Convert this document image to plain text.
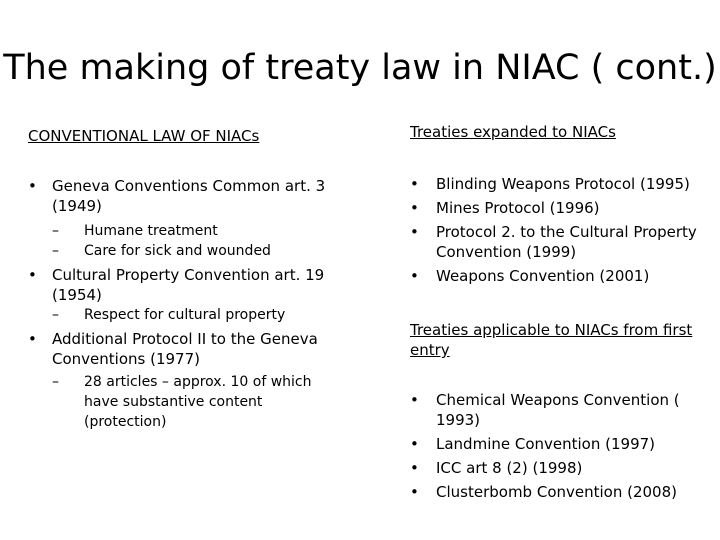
The making of treaty law in NIAC ( cont.)

CONVENTIONAL LAW OF NIACs

• Geneva Conventions Common art. 3 (1949)
– Humane treatment
– Care for sick and wounded
• Cultural Property Convention art. 19 (1954)
– Respect for cultural property
• Additional Protocol II to the Geneva Conventions (1977)
– 28 articles – approx. 10 of which have substantive content (protection)

Treaties expanded to NIACs

• Blinding Weapons Protocol (1995)
• Mines Protocol (1996)
• Protocol 2. to the Cultural Property Convention (1999)
• Weapons Convention (2001)

Treaties applicable to NIACs from first entry

• Chemical Weapons Convention ( 1993)
• Landmine Convention (1997)
• ICC art 8 (2) (1998)
• Clusterbomb Convention (2008)
